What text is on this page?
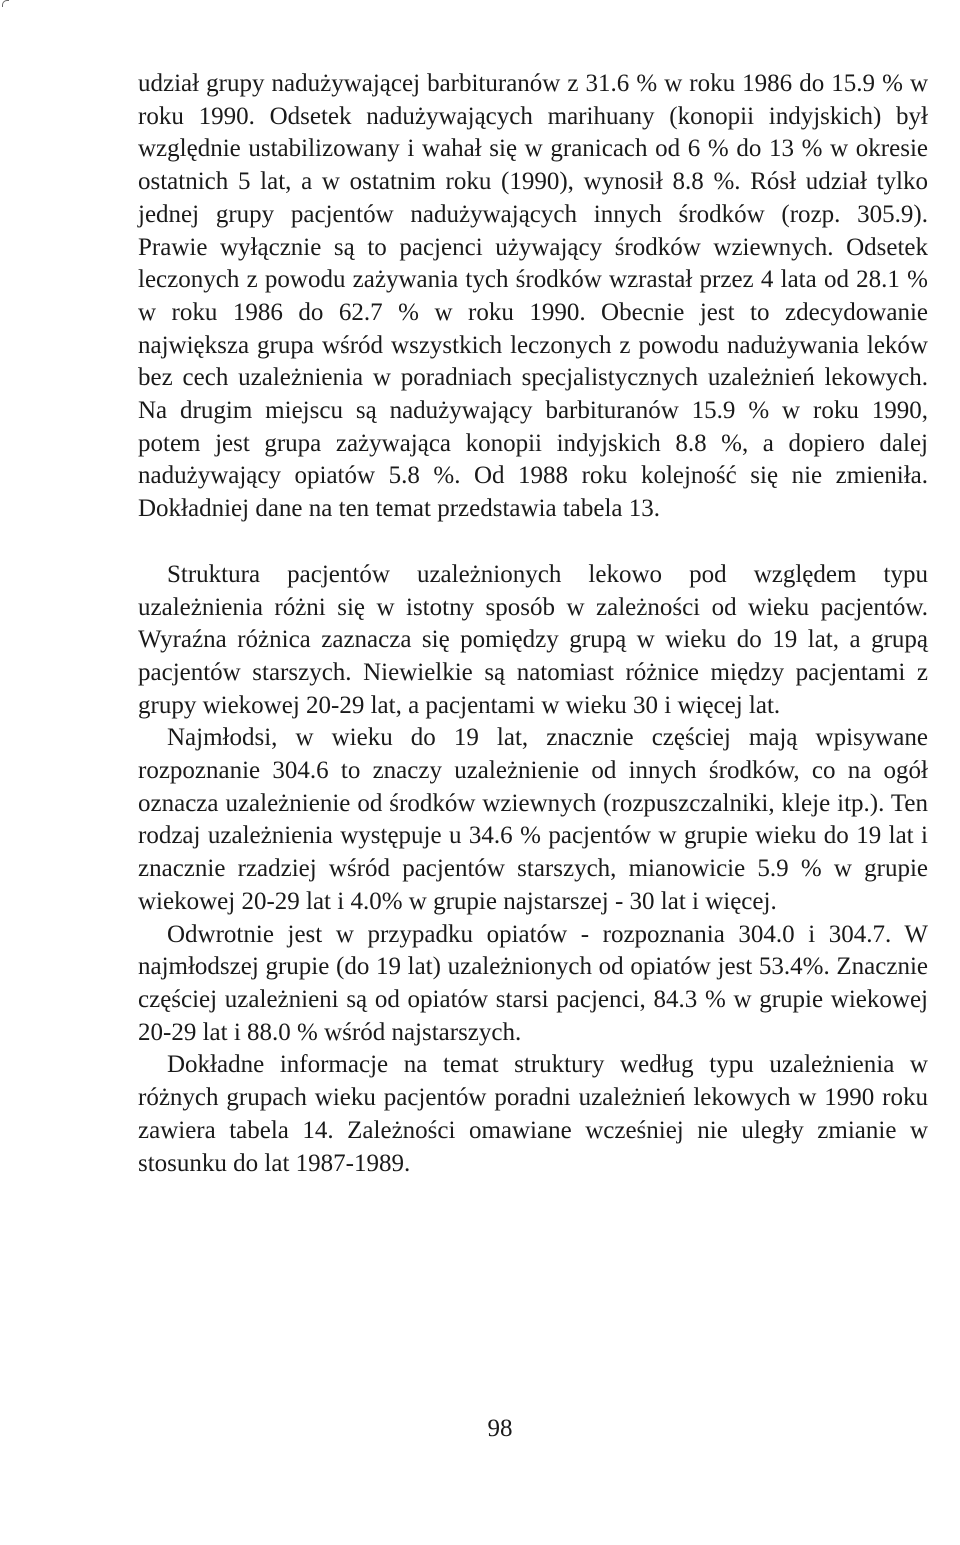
udział grupy nadużywającej barbituranów z 31.6 % w roku 1986 do 15.9 % w roku 1990. Odsetek nadużywających marihuany (konopii indyjskich) był względnie ustabilizowany i wahał się w granicach od 6 % do 13 % w okresie ostatnich 5 lat, a w ostatnim roku (1990), wynosił 8.8 %. Rósł udział tylko jednej grupy pacjentów nadużywających innych środków (rozp. 305.9). Prawie wyłącznie są to pacjenci używający środków wziewnych. Odsetek leczonych z powodu zażywania tych środków wzrastał przez 4 lata od 28.1 % w roku 1986 do 62.7 % w roku 1990. Obecnie jest to zdecydowanie największa grupa wśród wszystkich leczonych z powodu nadużywania leków bez cech uzależnienia w poradniach specjalistycznych uzależnień lekowych. Na drugim miejscu są nadużywający barbituranów 15.9 % w roku 1990, potem jest grupa zażywająca konopii indyjskich 8.8 %, a dopiero dalej nadużywający opiatów 5.8 %. Od 1988 roku kolejność się nie zmieniła. Dokładniej dane na ten temat przedstawia tabela 13.

Struktura pacjentów uzależnionych lekowo pod względem typu uzależnienia różni się w istotny sposób w zależności od wieku pacjentów. Wyraźna różnica zaznacza się pomiędzy grupą w wieku do 19 lat, a grupą pacjentów starszych. Niewielkie są natomiast różnice między pacjentami z grupy wiekowej 20-29 lat, a pacjentami w wieku 30 i więcej lat.

Najmłodsi, w wieku do 19 lat, znacznie częściej mają wpisywane rozpoznanie 304.6 to znaczy uzależnienie od innych środków, co na ogół oznacza uzależnienie od środków wziewnych (rozpuszczalniki, kleje itp.). Ten rodzaj uzależnienia występuje u 34.6 % pacjentów w grupie wieku do 19 lat i znacznie rzadziej wśród pacjentów starszych, mianowicie 5.9 % w grupie wiekowej 20-29 lat i 4.0% w grupie najstarszej - 30 lat i więcej.

Odwrotnie jest w przypadku opiatów - rozpoznania 304.0 i 304.7. W najmłodszej grupie (do 19 lat) uzależnionych od opiatów jest 53.4%. Znacznie częściej uzależnieni są od opiatów starsi pacjenci, 84.3 % w grupie wiekowej 20-29 lat i 88.0 % wśród najstarszych.

Dokładne informacje na temat struktury według typu uzależnienia w różnych grupach wieku pacjentów poradni uzależnień lekowych w 1990 roku zawiera tabela 14. Zależności omawiane wcześniej nie uległy zmianie w stosunku do lat 1987-1989.

98
